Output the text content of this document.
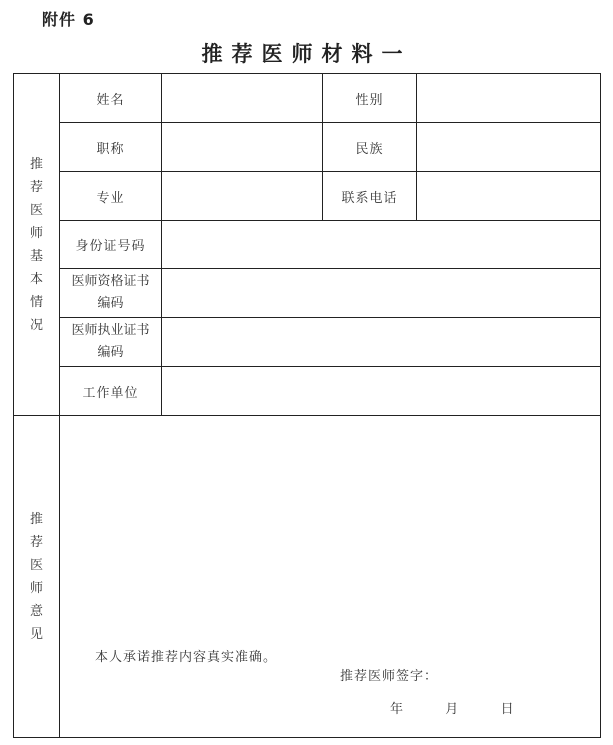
附件 6
推荐医师材料一
推荐医师基本情况	姓名		性别	
	职称		民族	
	专业		联系电话	
	身份证号码			

	医师资格证书
编码			

	医师执业证书
编码			

	工作单位			
推荐医师意见	本人承诺推荐内容真实准确。
推荐医师签字：
年 月 日			
